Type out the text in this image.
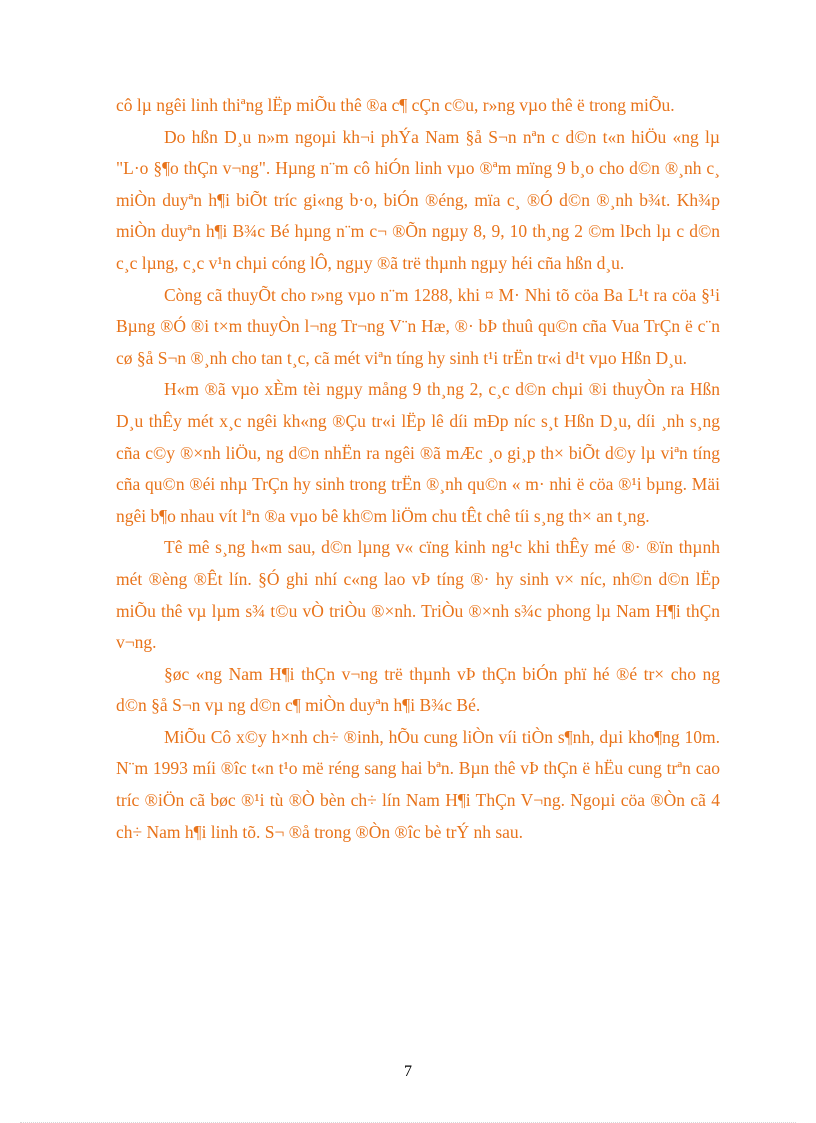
cô lµ ngêi linh thiªng lËp miÕu thê ®a c¶ cÇn c©u, r»ng vµo thê ë trong miÕu.

Do hßn D¸u n»m ngoµi kh¬i phÝa Nam §å S¬n nªn c d©n t«n hiÖu «ng lµ "L·o §¶o thÇn v¬ng". Hµng n¨m cô hiÓn linh vµo ®ªm mïng 9 b¸o cho d©n ®¸nh c¸ miÒn duyªn h¶i biÕt tríc gi«ng b·o, biÓn ®éng, mïa c¸ ®Ó d©n ®¸nh b¾t. Kh¾p miÒn duyªn h¶i B¾c Bé hµng n¨m c¬ ®Õn ngµy 8, 9, 10 th¸ng 2 ©m lÞch lµ c d©n c¸c lµng, c¸c v¹n chµi cóng lÔ, ngµy ®ã trë thµnh ngµy héi cña hßn d¸u.

Còng cã thuyÕt cho r»ng vµo n¨m 1288, khi ¤ M· Nhi tõ cöa Ba L¹t ra cöa §¹i Bµng ®Ó ®i t×m thuyÒn l¬ng Tr¬ng V¨n Hæ, ®· bÞ thuû qu©n cña Vua TrÇn ë c¨n cø §å S¬n ®¸nh cho tan t¸c, cã mét viªn tíng hy sinh t¹i trËn tr«i d¹t vµo Hßn D¸u.

H«m ®ã vµo xÈm tèi ngµy mång 9 th¸ng 2, c¸c d©n chµi ®i thuyÒn ra Hßn D¸u thÊy mét x¸c ngêi kh«ng ®Çu tr«i lËp lê díi mÐp níc s¸t Hßn D¸u, díi ¸nh s¸ng cña c©y ®×nh liÖu, ng d©n nhËn ra ngêi ®ã mÆc ¸o gi¸p th× biÕt d©y lµ viªn tíng cña qu©n ®éi nhµ TrÇn hy sinh trong trËn ®¸nh qu©n « m· nhi ë cöa ®¹i bµng. Mäi ngêi b¶o nhau vít lªn ®a vµo bê kh©m liÖm chu tÊt chê tíi s¸ng th× an t¸ng.

Tê mê s¸ng h«m sau, d©n lµng v« cïng kinh ng¹c khi thÊy mé ®· ®ïn thµnh mét ®èng ®Êt lín. §Ó ghi nhí c«ng lao vÞ tíng ®· hy sinh v× níc, nh©n d©n lËp miÕu thê vµ lµm s¾ t©u vÒ triÒu ®×nh. TriÒu ®×nh s¾c phong lµ Nam H¶i thÇn v¬ng.

§øc «ng Nam H¶i thÇn v¬ng trë thµnh vÞ thÇn biÓn phï hé ®é tr× cho ng d©n §å S¬n vµ ng d©n c¶ miÒn duyªn h¶i B¾c Bé.

MiÕu Cô x©y h×nh ch÷ ®inh, hÕu cung liÒn víi tiÒn s¶nh, dµi kho¶ng 10m. N¨m 1993 míi ®îc t«n t¹o më réng sang hai bªn. Bµn thê vÞ thÇn ë hËu cung trªn cao tríc ®iÖn cã bøc ®¹i tù ®Ò bèn ch÷ lín Nam H¶i ThÇn V¬ng. Ngoµi cöa ®Òn cã 4 ch÷ Nam h¶i linh tõ. S¬ ®å trong ®Òn ®îc bè trÝ nh sau.

7
